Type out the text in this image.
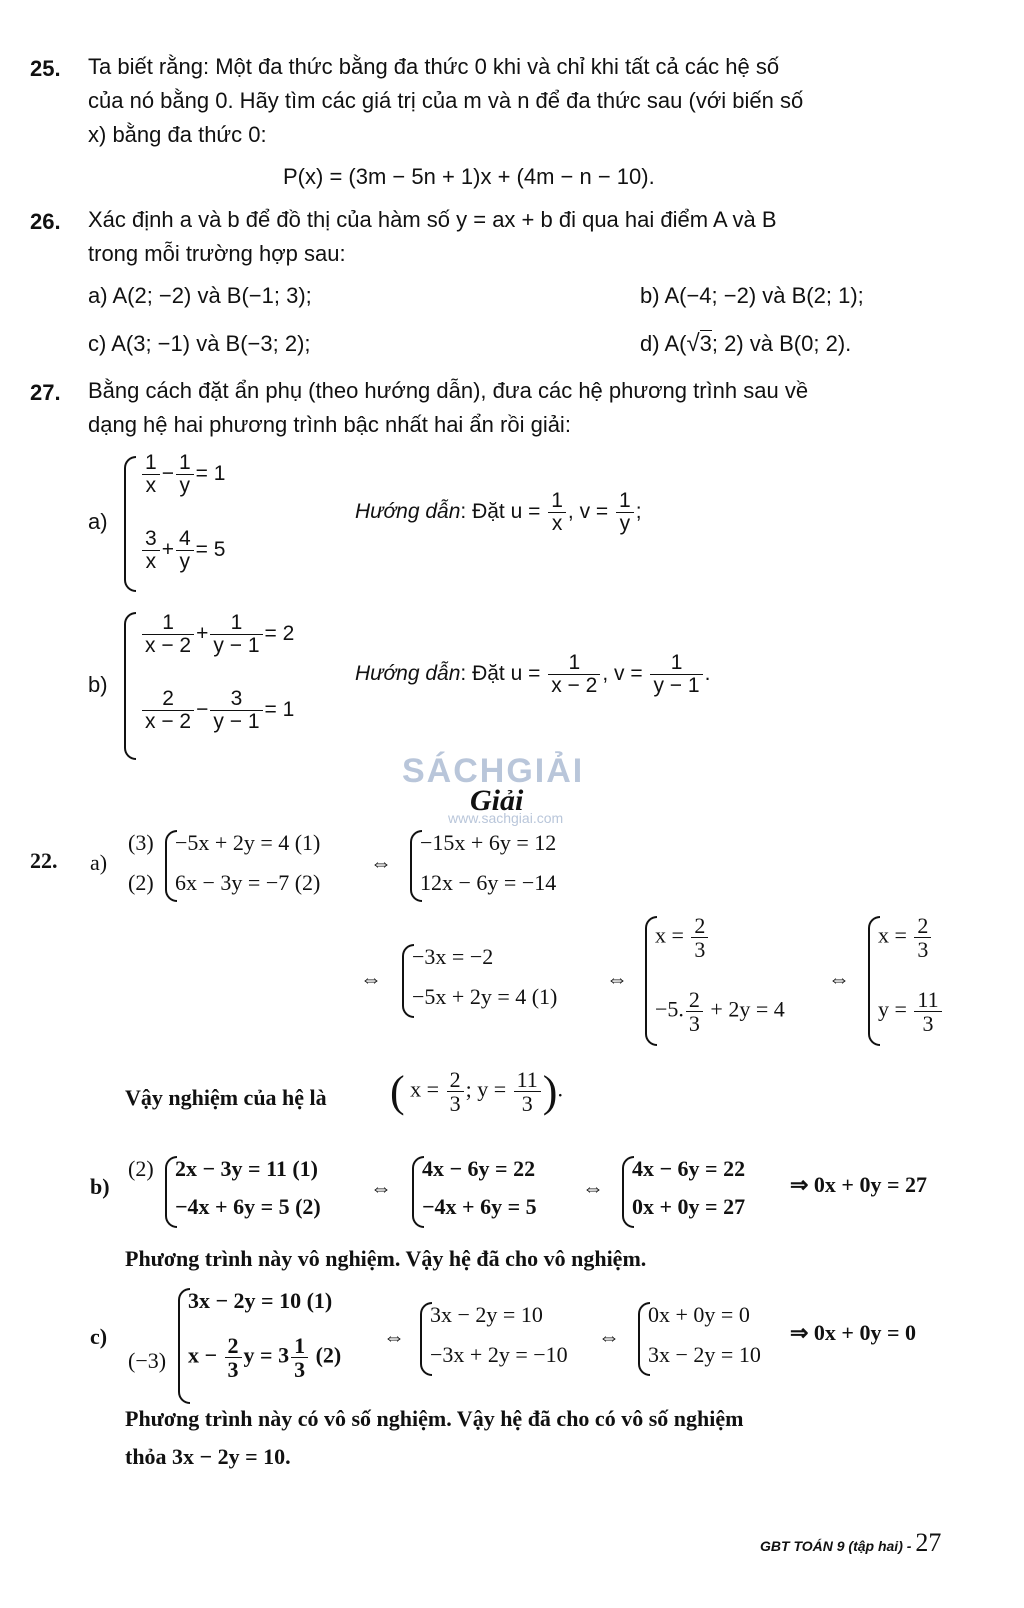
25. Ta biết rằng: Một đa thức bằng đa thức 0 khi và chỉ khi tất cả các hệ số
của nó bằng 0. Hãy tìm các giá trị của m và n để đa thức sau (với biến số
x) bằng đa thức 0:
P(x) = (3m − 5n + 1)x + (4m − n − 10).
26. Xác định a và b để đồ thị của hàm số y = ax + b đi qua hai điểm A và B
trong mỗi trường hợp sau:
a) A(2; −2) và B(−1; 3);	b) A(−4; −2) và B(2; 1);
c) A(3; −1) và B(−3; 2);	d) A(√3; 2) và B(0; 2).
27. Bằng cách đặt ẩn phụ (theo hướng dẫn), đưa các hệ phương trình sau về
dạng hệ hai phương trình bậc nhất hai ẩn rồi giải:
a)
$\frac{1}{x} - \frac{1}{y} = 1$
$\frac{3}{x} + \frac{4}{y} = 5$
Hướng dẫn: Đặt $u = \frac{1}{x}$ , $v = \frac{1}{y}$ ;
b)
$\frac{1}{x - 2} + \frac{1}{y - 1} = 2$
$\frac{2}{x - 2} - \frac{3}{y - 1} = 1$
Hướng dẫn: Đặt $u = \frac{1}{x - 2}$ , $v = \frac{1}{y - 1}$ .
SÁCHGIẢI
www.sachgiai.com
Giải
22. a)
(3)
(2)
−5x + 2y = 4 (1)
6x − 3y = −7 (2)
⇔
−15x + 6y = 12
12x − 6y = −14
⇔
−3x = −2
−5x + 2y = 4 (1)
⇔
$x = \frac{2}{3}$
−5. $\frac{2}{3} + 2y = 4$
⇔
$x = \frac{2}{3}$
$y = \frac{11}{3}$
Vậy nghiệm của hệ là ( $x = \frac{2}{3}$ ; $y = \frac{11}{3}$ ).
b)
(2) 2x − 3y = 11 (1)
−4x + 6y = 5 (2)
⇔
4x − 6y = 22
−4x + 6y = 5
⇔
4x − 6y = 22
0x + 0y = 27
⇒ 0x + 0y = 27
Phương trình này vô nghiệm. Vậy hệ đã cho vô nghiệm.
c)
(−3)
3x − 2y = 10 (1)
$x - \frac{2}{3}$ $y = 3 \frac{1}{3} (2)$
⇔
3x − 2y = 10
−3x + 2y = −10
⇔
0x + 0y = 0
3x − 2y = 10
⇒ 0x + 0y = 0
Phương trình này có vô số nghiệm. Vậy hệ đã cho có vô số nghiệm
thỏa 3x − 2y = 10.
GBT TOÁN 9 (tập hai) - 27
